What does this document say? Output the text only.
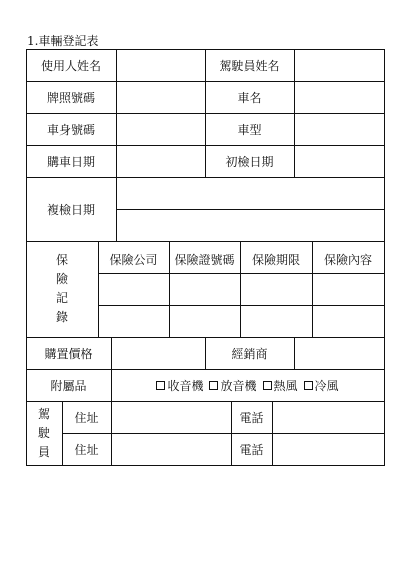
1.車輛登記表
使用人姓名	駕駛員姓名
牌照號碼	車名
車身號碼	車型
購車日期	初檢日期
複檢日期
保
險
記
錄
保險公司	保險證號碼	保險期限	保險內容
購置價格	經銷商
附屬品	收音機 放音機 熱風 冷風
駕
駛
員
住址	電話
住址	電話
